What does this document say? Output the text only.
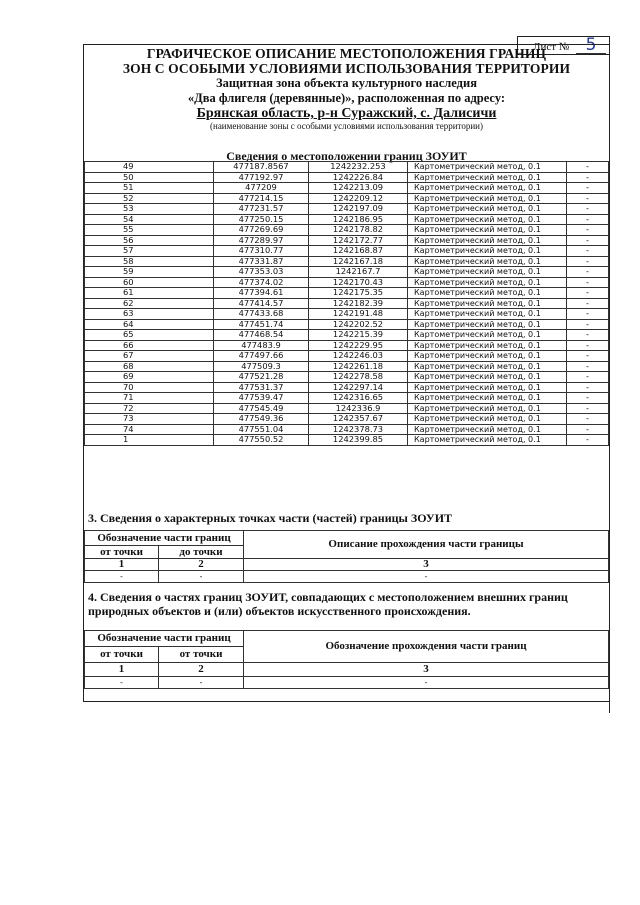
Лист № 5
ГРАФИЧЕСКОЕ ОПИСАНИЕ МЕСТОПОЛОЖЕНИЯ ГРАНИЦ
ЗОН С ОСОБЫМИ УСЛОВИЯМИ ИСПОЛЬЗОВАНИЯ ТЕРРИТОРИИ
Защитная зона объекта культурного наследия
«Два флигеля (деревянные)», расположенная по адресу:
Брянская область, р-н Суражский, с. Далисичи
(наименование зоны с особыми условиями использования территории)
Сведения о местоположении границ ЗОУИТ
49	477187.8567	1242232.253	Картометрический метод, 0.1	-
50	477192.97	1242226.84	Картометрический метод, 0.1	-
51	477209	1242213.09	Картометрический метод, 0.1	-
52	477214.15	1242209.12	Картометрический метод, 0.1	-
53	477231.57	1242197.09	Картометрический метод, 0.1	-
54	477250.15	1242186.95	Картометрический метод, 0.1	-
55	477269.69	1242178.82	Картометрический метод, 0.1	-
56	477289.97	1242172.77	Картометрический метод, 0.1	-
57	477310.77	1242168.87	Картометрический метод, 0.1	-
58	477331.87	1242167.18	Картометрический метод, 0.1	-
59	477353.03	1242167.7	Картометрический метод, 0.1	-
60	477374.02	1242170.43	Картометрический метод, 0.1	-
61	477394.61	1242175.35	Картометрический метод, 0.1	-
62	477414.57	1242182.39	Картометрический метод, 0.1	-
63	477433.68	1242191.48	Картометрический метод, 0.1	-
64	477451.74	1242202.52	Картометрический метод, 0.1	-
65	477468.54	1242215.39	Картометрический метод, 0.1	-
66	477483.9	1242229.95	Картометрический метод, 0.1	-
67	477497.66	1242246.03	Картометрический метод, 0.1	-
68	477509.3	1242261.18	Картометрический метод, 0.1	-
69	477521.28	1242278.58	Картометрический метод, 0.1	-
70	477531.37	1242297.14	Картометрический метод, 0.1	-
71	477539.47	1242316.65	Картометрический метод, 0.1	-
72	477545.49	1242336.9	Картометрический метод, 0.1	-
73	477549.36	1242357.67	Картометрический метод, 0.1	-
74	477551.04	1242378.73	Картометрический метод, 0.1	-
1	477550.52	1242399.85	Картометрический метод, 0.1	-
3. Сведения о характерных точках части (частей) границы ЗОУИТ
Обозначение части границ		Описание прохождения части границы
от точки	до точки	
1	2	3
-	-	-
4. Сведения о частях границ ЗОУИТ, совпадающих с местоположением внешних границ
природных объектов и (или) объектов искусственного происхождения.
Обозначение части границ		Обозначение прохождения части границ
от точки	от точки	
1	2	3
-	-	-
